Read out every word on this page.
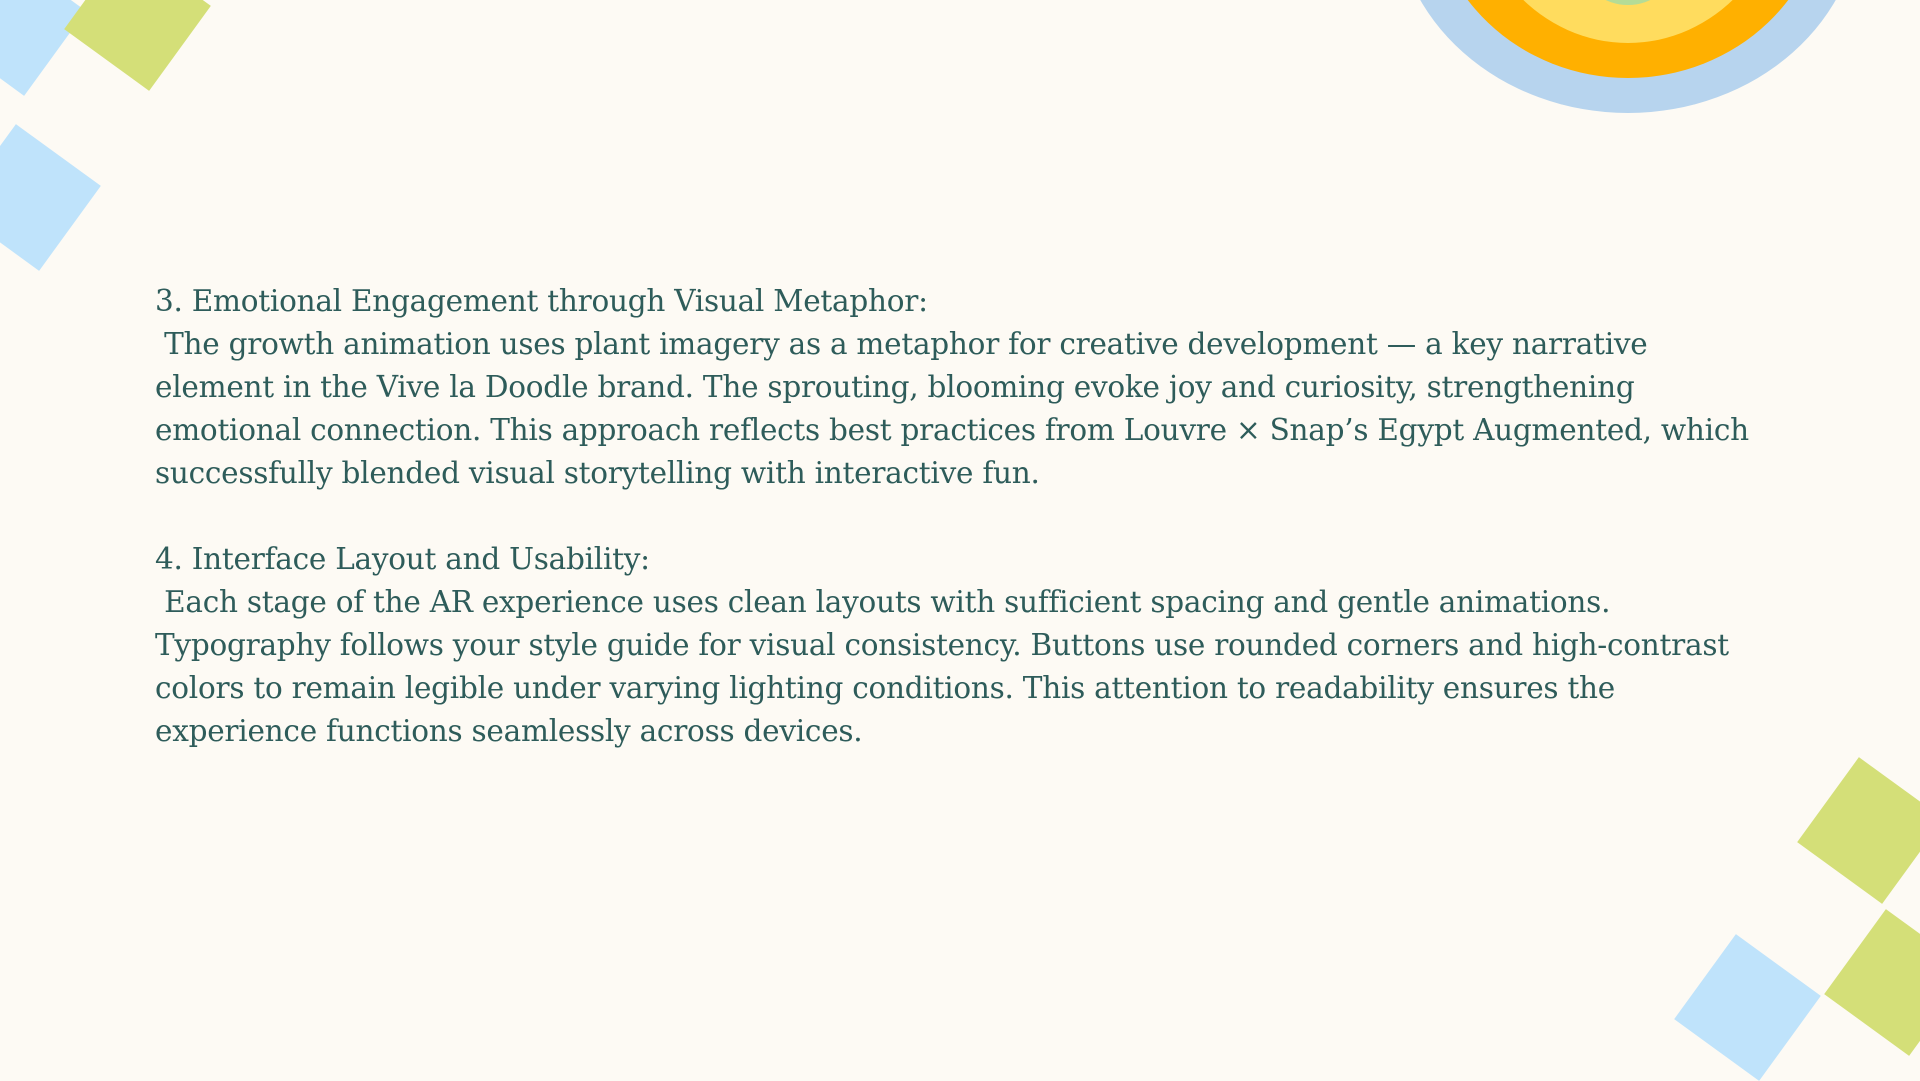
3. Emotional Engagement through Visual Metaphor:

The growth animation uses plant imagery as a metaphor for creative development — a key narrative
element in the Vive la Doodle brand. The sprouting, blooming evoke joy and curiosity, strengthening
emotional connection. This approach reflects best practices from Louvre × Snap’s Egypt Augmented, which
successfully blended visual storytelling with interactive fun.

4. Interface Layout and Usability:

Each stage of the AR experience uses clean layouts with sufficient spacing and gentle animations.
Typography follows your style guide for visual consistency. Buttons use rounded corners and high-contrast
colors to remain legible under varying lighting conditions. This attention to readability ensures the
experience functions seamlessly across devices.
